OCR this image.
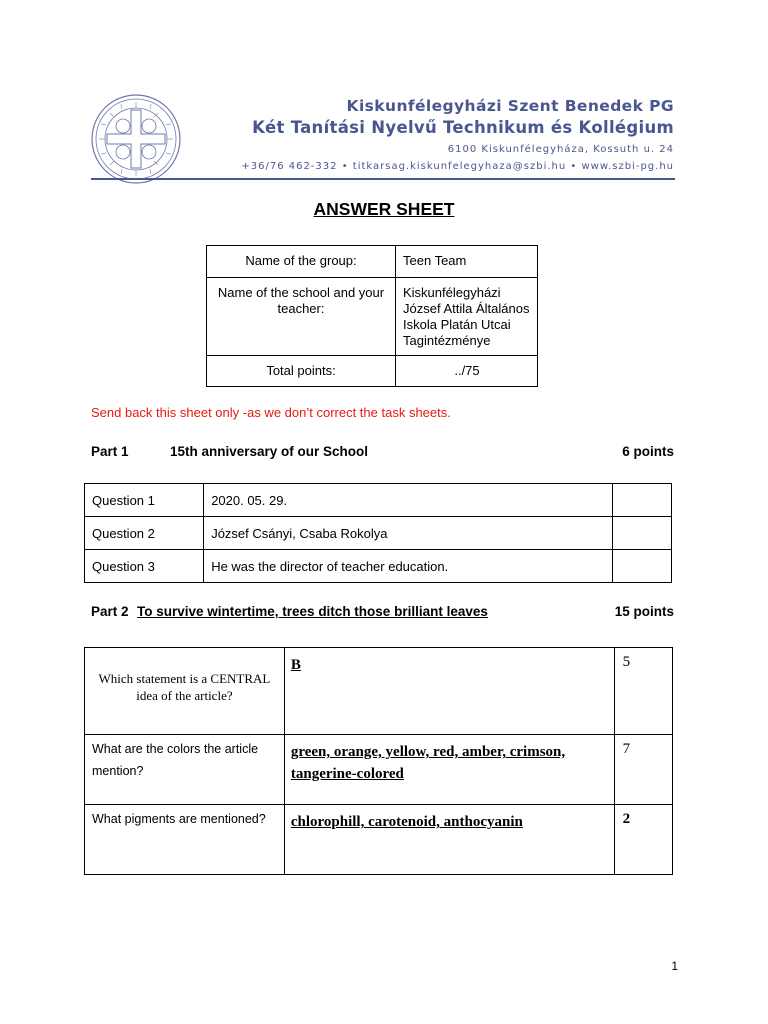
Kiskunfélegyházi Szent Benedek PG
Két Tanítási Nyelvű Technikum és Kollégium
6100 Kiskunfélegyháza, Kossuth u. 24
+36/76 462-332 • titkarsag.kiskunfelegyhaza@szbi.hu • www.szbi-pg.hu
ANSWER SHEET
Name of the group:	Teen Team
Name of the school and your teacher:	Kiskunfélegyházi József Attila Általános Iskola Platán Utcai Tagintézménye
Total points:	../75
Send back this sheet only -as we don’t correct the task sheets.
Part 1	15th anniversary of our School	6 points
Question 1	2020. 05. 29.	
Question 2	József Csányi, Csaba Rokolya	
Question 3	He was the director of teacher education.	
Part 2 To survive wintertime, trees ditch those brilliant leaves	15 points
Which statement is a CENTRAL idea of the article?	B	5
What are the colors the article mention?	green, orange, yellow, red, amber, crimson, tangerine-colored	7
What pigments are mentioned?	chlorophill, carotenoid, anthocyanin	2
1
